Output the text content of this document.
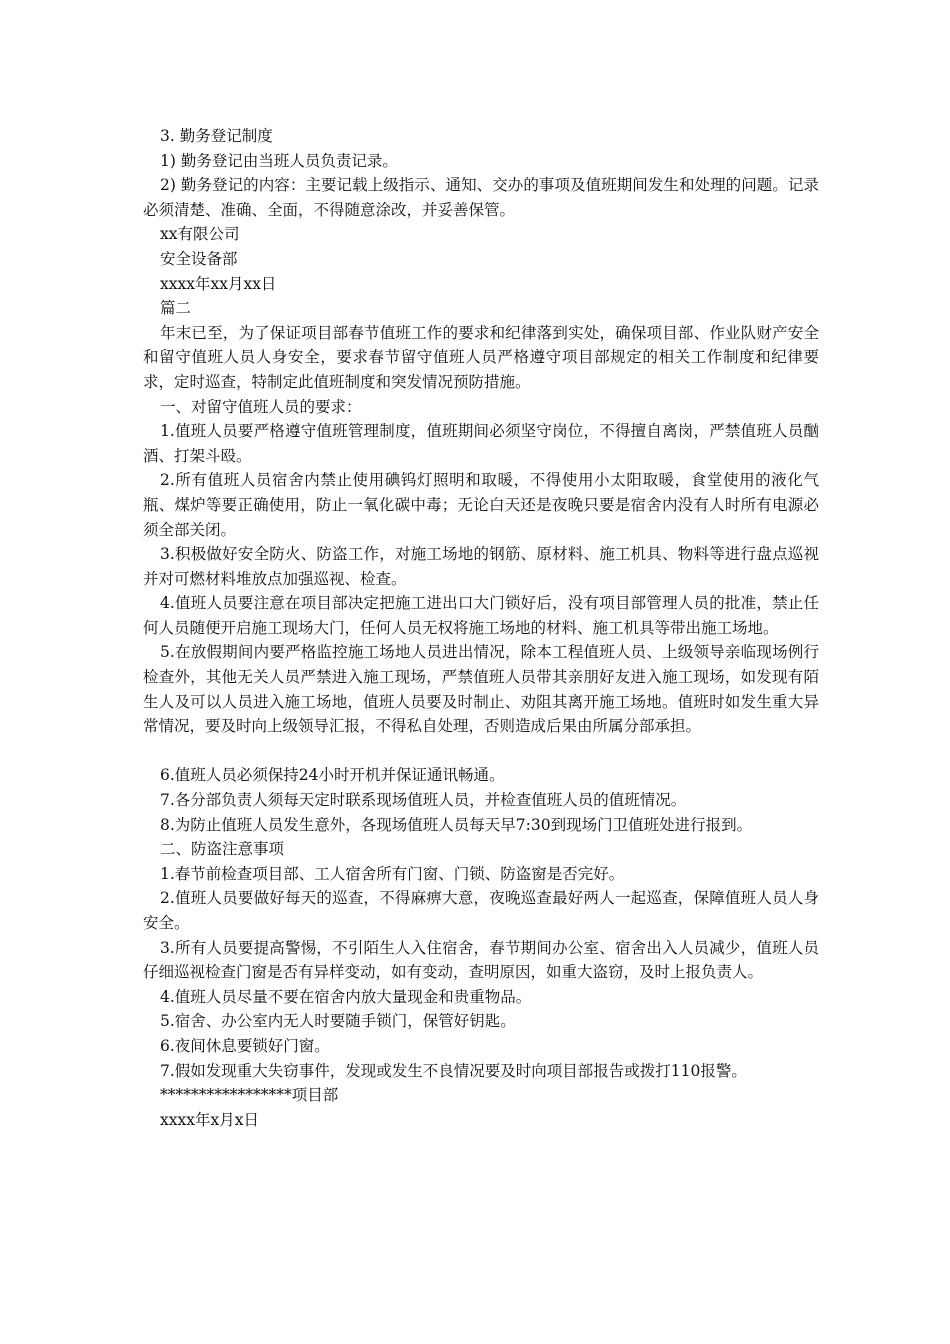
3. 勤务登记制度

1) 勤务登记由当班人员负责记录。

2) 勤务登记的内容：主要记载上级指示、通知、交办的事项及值班期间发生和处理的问题。记录必须清楚、准确、全面，不得随意涂改，并妥善保管。

xx有限公司

安全设备部

xxxx年xx月xx日

篇二

年末已至，为了保证项目部春节值班工作的要求和纪律落到实处，确保项目部、作业队财产安全和留守值班人员人身安全，要求春节留守值班人员严格遵守项目部规定的相关工作制度和纪律要求，定时巡查，特制定此值班制度和突发情况预防措施。

一、对留守值班人员的要求：

1.值班人员要严格遵守值班管理制度，值班期间必须坚守岗位，不得擅自离岗，严禁值班人员酗酒、打架斗殴。

2.所有值班人员宿舍内禁止使用碘钨灯照明和取暖，不得使用小太阳取暖，食堂使用的液化气瓶、煤炉等要正确使用，防止一氧化碳中毒；无论白天还是夜晚只要是宿舍内没有人时所有电源必须全部关闭。

3.积极做好安全防火、防盗工作，对施工场地的钢筋、原材料、施工机具、物料等进行盘点巡视并对可燃材料堆放点加强巡视、检查。

4.值班人员要注意在项目部决定把施工进出口大门锁好后，没有项目部管理人员的批准，禁止任何人员随便开启施工现场大门，任何人员无权将施工场地的材料、施工机具等带出施工场地。

5.在放假期间内要严格监控施工场地人员进出情况，除本工程值班人员、上级领导亲临现场例行检查外，其他无关人员严禁进入施工现场，严禁值班人员带其亲朋好友进入施工现场，如发现有陌生人及可以人员进入施工场地，值班人员要及时制止、劝阻其离开施工场地。值班时如发生重大异常情况，要及时向上级领导汇报，不得私自处理，否则造成后果由所属分部承担。

6.值班人员必须保持24小时开机并保证通讯畅通。

7.各分部负责人须每天定时联系现场值班人员，并检查值班人员的值班情况。

8.为防止值班人员发生意外，各现场值班人员每天早7:30到现场门卫值班处进行报到。

二、防盗注意事项

1.春节前检查项目部、工人宿舍所有门窗、门锁、防盗窗是否完好。

2.值班人员要做好每天的巡查，不得麻痹大意，夜晚巡查最好两人一起巡查，保障值班人员人身安全。

3.所有人员要提高警惕，不引陌生人入住宿舍，春节期间办公室、宿舍出入人员减少，值班人员仔细巡视检查门窗是否有异样变动，如有变动，查明原因，如重大盗窃，及时上报负责人。

4.值班人员尽量不要在宿舍内放大量现金和贵重物品。

5.宿舍、办公室内无人时要随手锁门，保管好钥匙。

6.夜间休息要锁好门窗。

7.假如发现重大失窃事件，发现或发生不良情况要及时向项目部报告或拨打110报警。

*****************项目部

xxxx年x月x日
